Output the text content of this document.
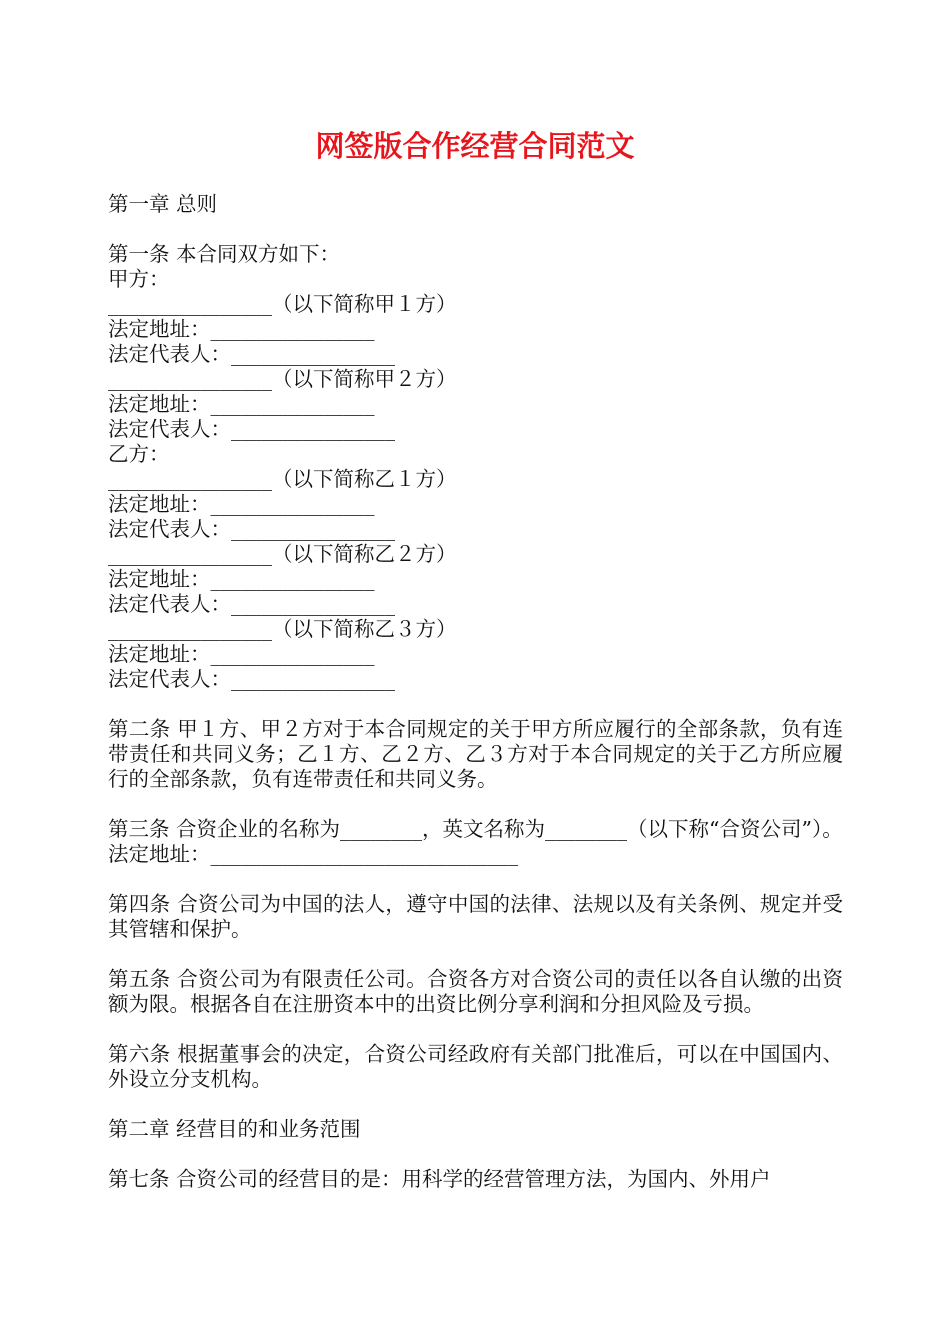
网签版合作经营合同范文
第一章 总则
第一条 本合同双方如下：
甲方：
________________（以下简称甲１方）
法定地址：________________
法定代表人：________________
________________（以下简称甲２方）
法定地址：________________
法定代表人：________________
乙方：
________________（以下简称乙１方）
法定地址：________________
法定代表人：________________
________________（以下简称乙２方）
法定地址：________________
法定代表人：________________
________________（以下简称乙３方）
法定地址：________________
法定代表人：________________
第二条 甲１方、甲２方对于本合同规定的关于甲方所应履行的全部条款，负有连带责任和共同义务；乙１方、乙２方、乙３方对于本合同规定的关于乙方所应履行的全部条款，负有连带责任和共同义务。
第三条 合资企业的名称为________，英文名称为________（以下称“合资公司”）。
法定地址：______________________________
第四条 合资公司为中国的法人，遵守中国的法律、法规以及有关条例、规定并受其管辖和保护。
第五条 合资公司为有限责任公司。合资各方对合资公司的责任以各自认缴的出资额为限。根据各自在注册资本中的出资比例分享利润和分担风险及亏损。
第六条 根据董事会的决定，合资公司经政府有关部门批准后，可以在中国国内、外设立分支机构。
第二章 经营目的和业务范围
第七条 合资公司的经营目的是：用科学的经营管理方法，为国内、外用户
